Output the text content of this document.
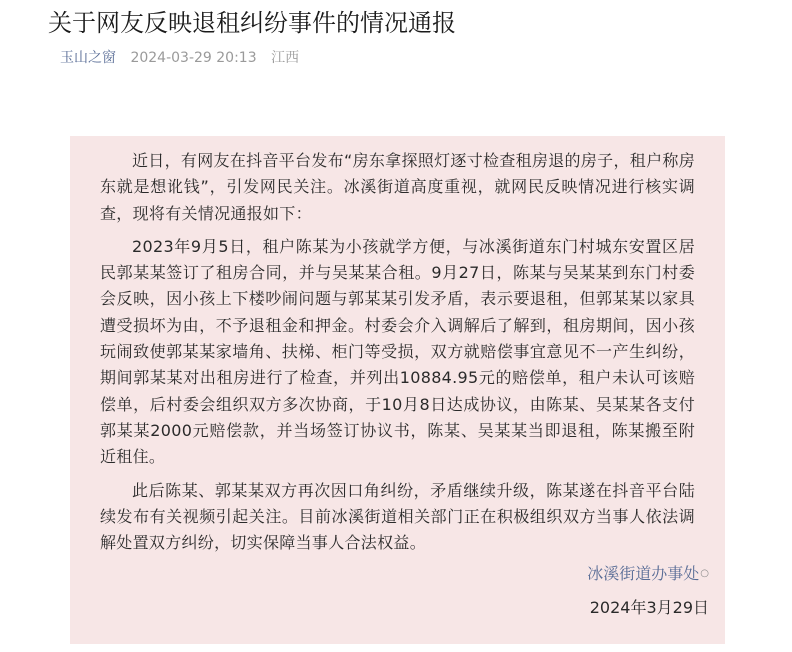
关于网友反映退租纠纷事件的情况通报
玉山之窗 2024-03-29 20:13 江西

近日，有网友在抖音平台发布“房东拿探照灯逐寸检查租房退的房子，租户称房东就是想讹钱”，引发网民关注。冰溪街道高度重视，就网民反映情况进行核实调查，现将有关情况通报如下：

2023年9月5日，租户陈某为小孩就学方便，与冰溪街道东门村城东安置区居民郭某某签订了租房合同，并与吴某某合租。9月27日，陈某与吴某某到东门村委会反映，因小孩上下楼吵闹问题与郭某某引发矛盾，表示要退租，但郭某某以家具遭受损坏为由，不予退租金和押金。村委会介入调解后了解到，租房期间，因小孩玩闹致使郭某某家墙角、扶梯、柜门等受损，双方就赔偿事宜意见不一产生纠纷，期间郭某某对出租房进行了检查，并列出10884.95元的赔偿单，租户未认可该赔偿单，后村委会组织双方多次协商，于10月8日达成协议，由陈某、吴某某各支付郭某某2000元赔偿款，并当场签订协议书，陈某、吴某某当即退租，陈某搬至附近租住。

此后陈某、郭某某双方再次因口角纠纷，矛盾继续升级，陈某遂在抖音平台陆续发布有关视频引起关注。目前冰溪街道相关部门正在积极组织双方当事人依法调解处置双方纠纷，切实保障当事人合法权益。

冰溪街道办事处○
2024年3月29日
